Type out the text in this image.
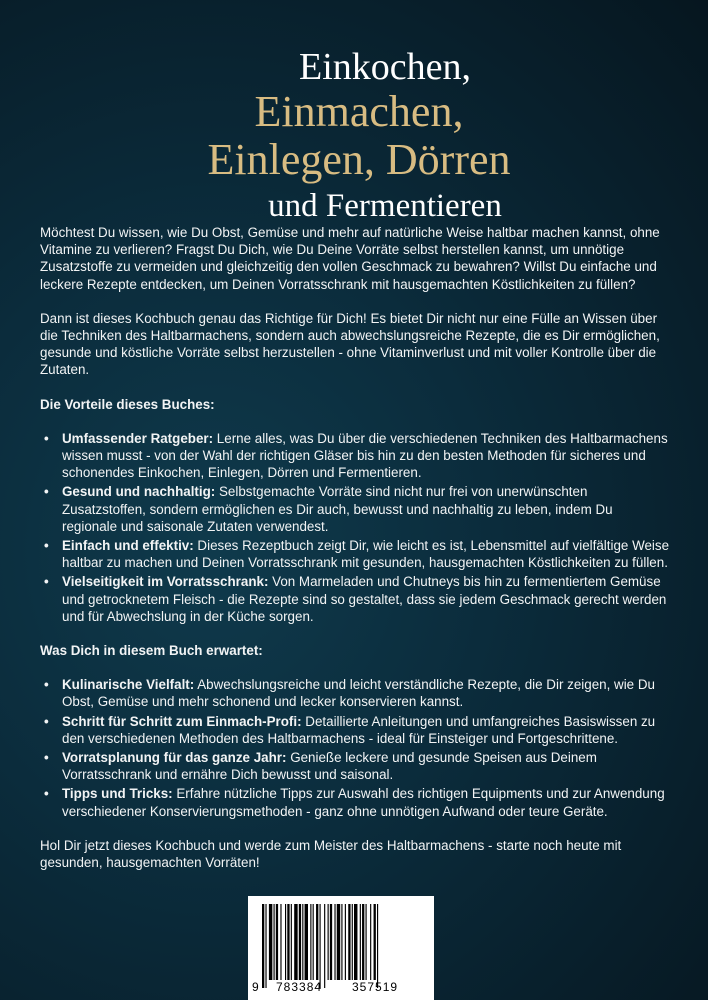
Einkochen,
Einmachen,
Einlegen, Dörren
und Fermentieren

Möchtest Du wissen, wie Du Obst, Gemüse und mehr auf natürliche Weise haltbar machen kannst, ohne Vitamine zu verlieren? Fragst Du Dich, wie Du Deine Vorräte selbst herstellen kannst, um unnötige Zusatzstoffe zu vermeiden und gleichzeitig den vollen Geschmack zu bewahren? Willst Du einfache und leckere Rezepte entdecken, um Deinen Vorratsschrank mit hausgemachten Köstlichkeiten zu füllen?

Dann ist dieses Kochbuch genau das Richtige für Dich! Es bietet Dir nicht nur eine Fülle an Wissen über die Techniken des Haltbarmachens, sondern auch abwechslungsreiche Rezepte, die es Dir ermöglichen, gesunde und köstliche Vorräte selbst herzustellen - ohne Vitaminverlust und mit voller Kontrolle über die Zutaten.

Die Vorteile dieses Buches:
• Umfassender Ratgeber: Lerne alles, was Du über die verschiedenen Techniken des Haltbarmachens wissen musst - von der Wahl der richtigen Gläser bis hin zu den besten Methoden für sicheres und schonendes Einkochen, Einlegen, Dörren und Fermentieren.
• Gesund und nachhaltig: Selbstgemachte Vorräte sind nicht nur frei von unerwünschten Zusatzstoffen, sondern ermöglichen es Dir auch, bewusst und nachhaltig zu leben, indem Du regionale und saisonale Zutaten verwendest.
• Einfach und effektiv: Dieses Rezeptbuch zeigt Dir, wie leicht es ist, Lebensmittel auf vielfältige Weise haltbar zu machen und Deinen Vorratsschrank mit gesunden, hausgemachten Köstlichkeiten zu füllen.
• Vielseitigkeit im Vorratsschrank: Von Marmeladen und Chutneys bis hin zu fermentiertem Gemüse und getrocknetem Fleisch - die Rezepte sind so gestaltet, dass sie jedem Geschmack gerecht werden und für Abwechslung in der Küche sorgen.
Was Dich in diesem Buch erwartet:
• Kulinarische Vielfalt: Abwechslungsreiche und leicht verständliche Rezepte, die Dir zeigen, wie Du Obst, Gemüse und mehr schonend und lecker konservieren kannst.
• Schritt für Schritt zum Einmach-Profi: Detaillierte Anleitungen und umfangreiches Basiswissen zu den verschiedenen Methoden des Haltbarmachens - ideal für Einsteiger und Fortgeschrittene.
• Vorratsplanung für das ganze Jahr: Genieße leckere und gesunde Speisen aus Deinem Vorratsschrank und ernähre Dich bewusst und saisonal.
• Tipps und Tricks: Erfahre nützliche Tipps zur Auswahl des richtigen Equipments und zur Anwendung verschiedener Konservierungsmethoden - ganz ohne unnötigen Aufwand oder teure Geräte.

Hol Dir jetzt dieses Kochbuch und werde zum Meister des Haltbarmachens - starte noch heute mit gesunden, hausgemachten Vorräten!

9 783384 357519
